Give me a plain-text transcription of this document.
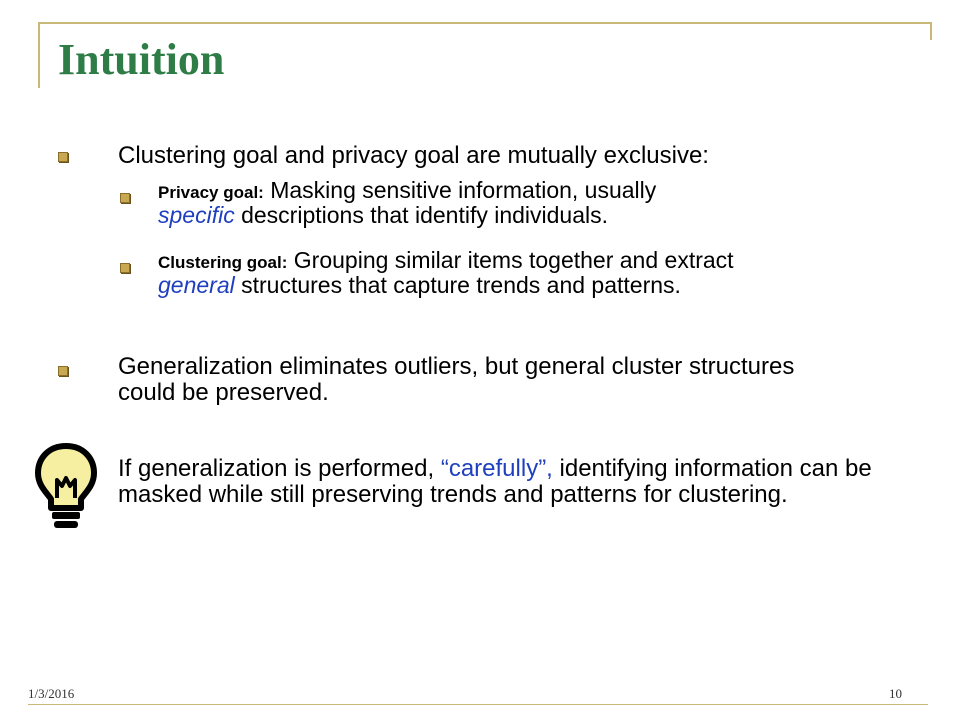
Intuition
Clustering goal and privacy goal are mutually exclusive:
Privacy goal: Masking sensitive information, usually
specific descriptions that identify individuals.
Clustering goal: Grouping similar items together and extract
general structures that capture trends and patterns.
Generalization eliminates outliers, but general cluster structures could be preserved.
If generalization is performed, “carefully”, identifying information can be masked while still preserving trends and patterns for clustering.
1/3/2016	10
